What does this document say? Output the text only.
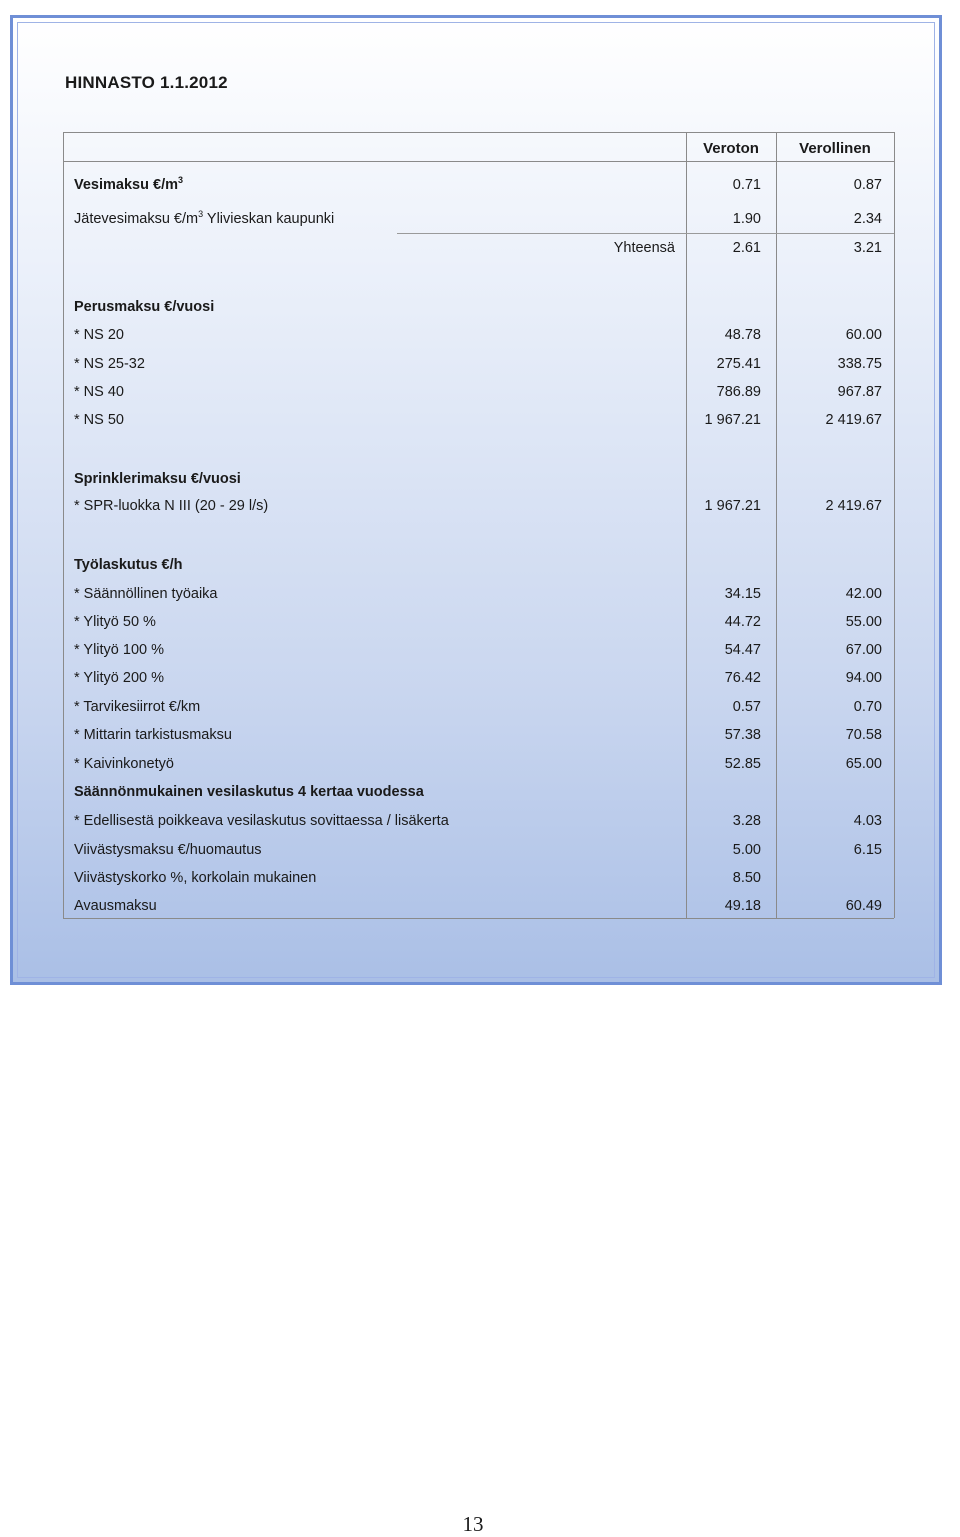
HINNASTO 1.1.2012
Veroton	Verollinen
Vesimaksu $€/m^3$	0.71	0.87
Jätevesimaksu $€/m^3$ Ylivieskan kaupunki	1.90	2.34
Yhteensä	2.61	3.21
Perusmaksu €/vuosi
* NS 20	48.78	60.00
* NS 25-32	275.41	338.75
* NS 40	786.89	967.87
* NS 50	1 967.21	2 419.67
Sprinklerimaksu €/vuosi
* SPR-luokka N III (20 - 29 l/s)	1 967.21	2 419.67
Työlaskutus €/h
* Säännöllinen työaika	34.15	42.00
* Ylityö 50 %	44.72	55.00
* Ylityö 100 %	54.47	67.00
* Ylityö 200 %	76.42	94.00
* Tarvikesiirrot €/km	0.57	0.70
* Mittarin tarkistusmaksu	57.38	70.58
* Kaivinkonetyö	52.85	65.00
Säännönmukainen vesilaskutus 4 kertaa vuodessa
* Edellisestä poikkeava vesilaskutus sovittaessa / lisäkerta	3.28	4.03
Viivästysmaksu €/huomautus	5.00	6.15
Viivästyskorko %, korkolain mukainen	8.50
Avausmaksu	49.18	60.49
13
